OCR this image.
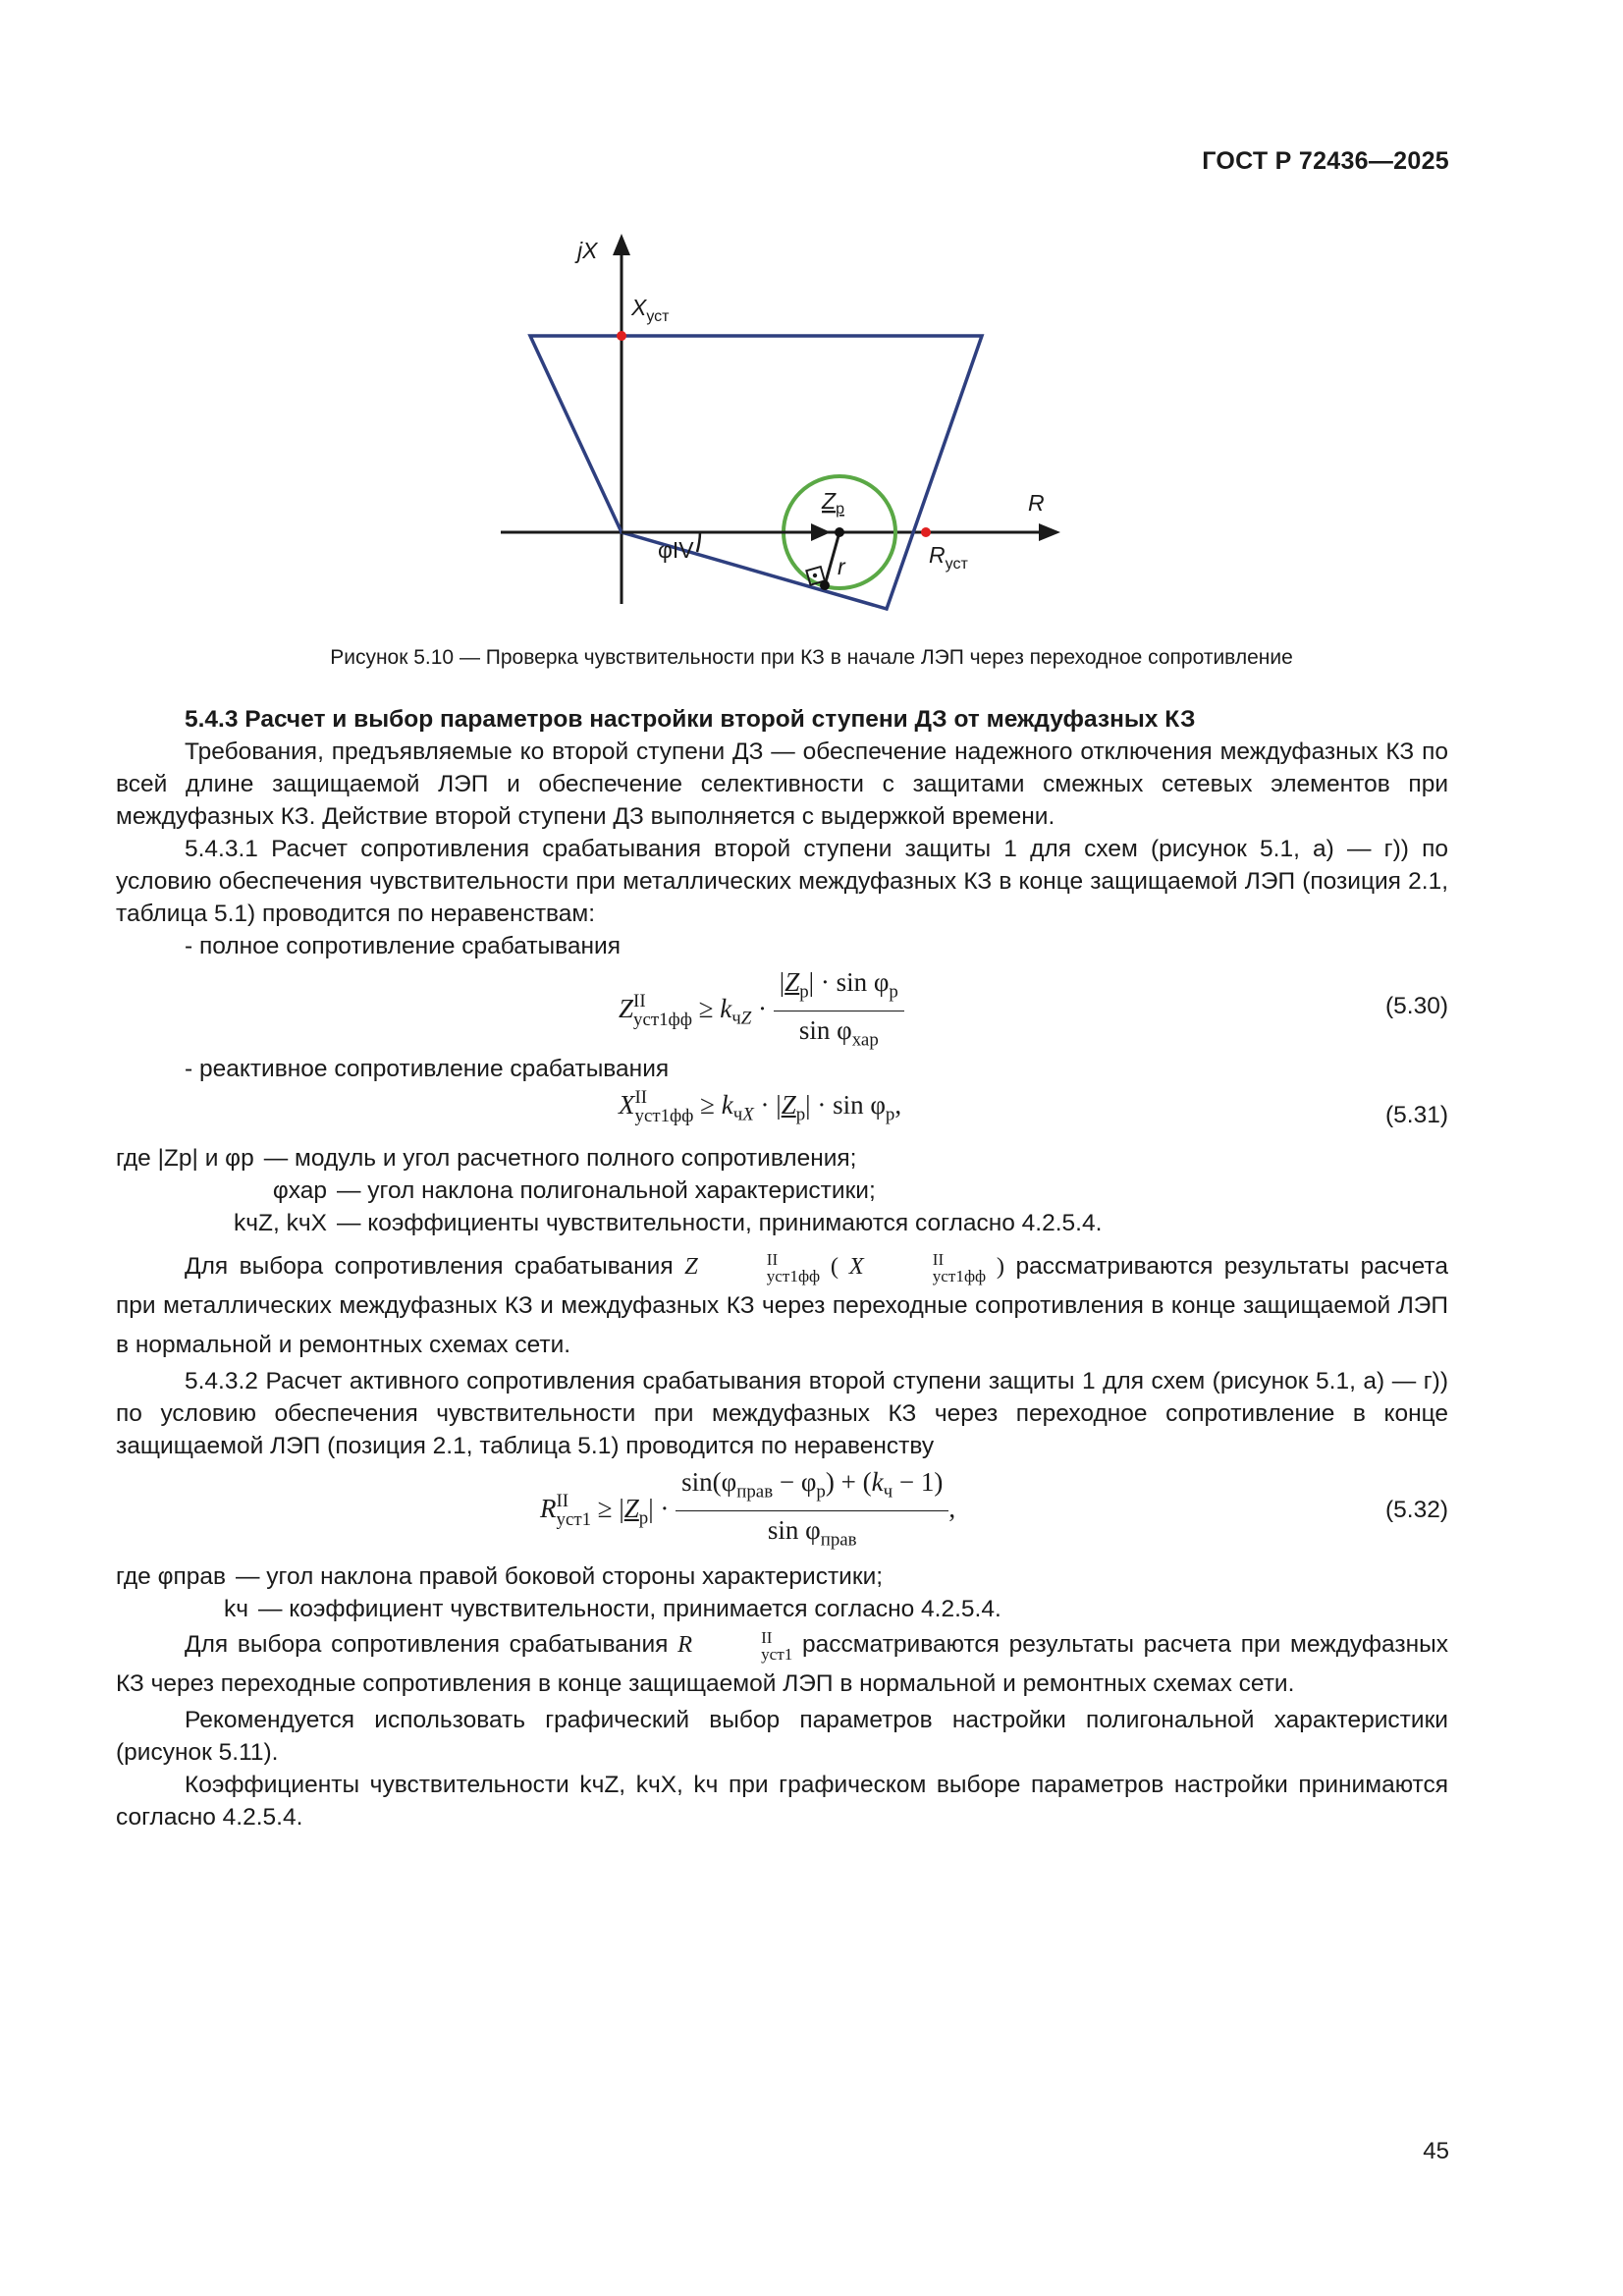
ГОСТ Р 72436—2025
jX
R
$X_{уст}$
$Z_р$
r	$R_{уст}$
φIV
Рисунок 5.10 — Проверка чувствительности при КЗ в начале ЛЭП через переходное сопротивление

5.4.3 Расчет и выбор параметров настройки второй ступени ДЗ от междуфазных КЗ

Требования, предъявляемые ко второй ступени ДЗ — обеспечение надежного отключения междуфазных КЗ по всей длине защищаемой ЛЭП и обеспечение селективности с защитами смежных сетевых элементов при междуфазных КЗ. Действие второй ступени ДЗ выполняется с выдержкой времени.

5.4.3.1 Расчет сопротивления срабатывания второй ступени защиты 1 для схем (рисунок 5.1, а) — г)) по условию обеспечения чувствительности при металлических междуфазных КЗ в конце защищаемой ЛЭП (позиция 2.1, таблица 5.1) проводится по неравенствам:

- полное сопротивление срабатывания

Z II
$уст1фф \ge k_{чZ} \cdot \frac{|Z_р| \cdot \sin \varphi_р}{\sin \varphi_{хар}}$	(5.30)

- реактивное сопротивление срабатывания

X II
$уст1фф \ge k_{чX} \cdot |Z_р| \cdot \sin \varphi_р$,	(5.31)
где |Zр| и φр — модуль и угол расчетного полного сопротивления;
φхар — угол наклона полигональной характеристики;
kчZ, kчX — коэффициенты чувствительности, принимаются согласно 4.2.5.4.

Для выбора сопротивления срабатывания Z	II
уст1фф ( X	II
уст1фф ) рассматриваются результаты расчета при металлических междуфазных КЗ и междуфазных КЗ через переходные сопротивления в конце защищаемой ЛЭП в нормальной и ремонтных схемах сети.

5.4.3.2 Расчет активного сопротивления срабатывания второй ступени защиты 1 для схем (рисунок 5.1, а) — г)) по условию обеспечения чувствительности при междуфазных КЗ через переходное сопротивление в конце защищаемой ЛЭП (позиция 2.1, таблица 5.1) проводится по неравенству

R II
$уст1 \ge |Z_р| \cdot \frac{\sin(\varphi_{прав} - \varphi_р) + (k_ч - 1)}{\sin \varphi_{прав}}$ ,	(5.32)
где φправ — угол наклона правой боковой стороны характеристики;
kч — коэффициент чувствительности, принимается согласно 4.2.5.4.

Для выбора сопротивления срабатывания R	II
уст1 рассматриваются результаты расчета при междуфазных КЗ через переходные сопротивления в конце защищаемой ЛЭП в нормальной и ремонтных схемах сети.

Рекомендуется использовать графический выбор параметров настройки полигональной характеристики (рисунок 5.11).

Коэффициенты чувствительности kчZ, kчX, kч при графическом выборе параметров настройки принимаются согласно 4.2.5.4.

45
